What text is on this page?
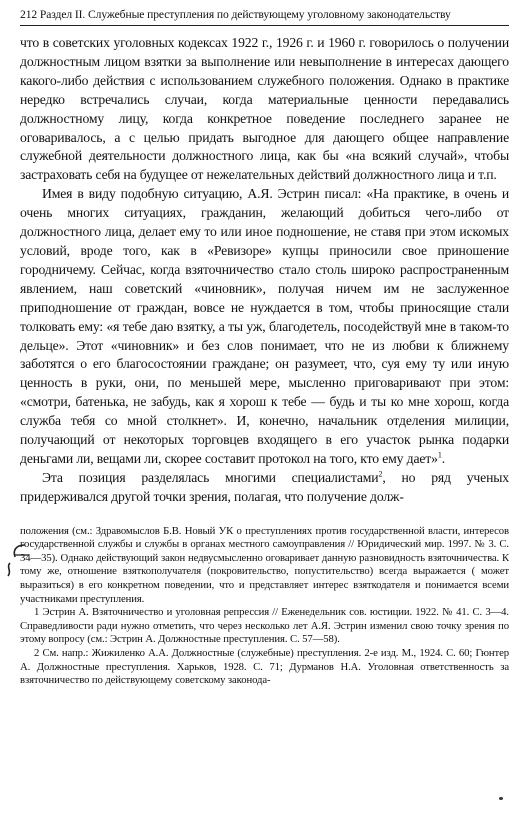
212 Раздел II. Служебные преступления по действующему уголовному законодательству

что в советских уголовных кодексах 1922 г., 1926 г. и 1960 г. говорилось о получении должностным лицом взятки за выполнение или невыполнение в интересах дающего какого-либо действия с использованием служебного положения. Однако в практике нередко встречались случаи, когда материальные ценности передавались должностному лицу, когда конкретное поведение последнего заранее не оговаривалось, а с целью придать выгодное для дающего общее направление служебной деятельности должностного лица, как бы «на всякий случай», чтобы застраховать себя на будущее от нежелательных действий должностного лица и т.п.

Имея в виду подобную ситуацию, А.Я. Эстрин писал: «На практике, в очень и очень многих ситуациях, гражданин, желающий добиться чего-либо от должностного лица, делает ему то или иное подношение, не ставя при этом искомых условий, вроде того, как в «Ревизоре» купцы приносили свое приношение городничему. Сейчас, когда взяточничество стало столь широко распространенным явлением, наш советский «чиновник», получая ничем им не заслуженное приподношение от граждан, вовсе не нуждается в том, чтобы приносящие стали толковать ему: «я тебе даю взятку, а ты уж, благодетель, посодействуй мне в таком-то дельце». Этот «чиновник» и без слов понимает, что не из любви к ближнему заботятся о его благосостоянии граждане; он разумеет, что, суя ему ту или иную ценность в руки, они, по меньшей мере, мысленно приговаривают при этом: «смотри, батенька, не забудь, как я хорош к тебе — будь и ты ко мне хорош, когда служба тебя со мной столкнет». И, конечно, начальник отделения милиции, получающий от некоторых торговцев входящего в его участок рынка подарки деньгами ли, вещами ли, скорее составит протокол на того, кто ему дает»$^1$.

Эта позиция разделялась многими специалистами$^2$, но ряд ученых придерживался другой точки зрения, полагая, что получение долж-

положения (см.: Здравомыслов Б.В. Новый УК о преступлениях против государственной власти, интересов государственной службы и службы в органах местного самоуправления // Юридический мир. 1997. № 3. С. 34—35). Однако действующий закон недвусмысленно оговаривает данную разновидность взяточничества. К тому же, отношение взяткополучателя (покровительство, попустительство) всегда выражается ( может выразиться) в его конкретном поведении, что и представляет интерес взяткодателя и понимается всеми участниками преступления.

1 Эстрин А. Взяточничество и уголовная репрессия // Еженедельник сов. юстиции. 1922. № 41. С. 3—4. Справедливости ради нужно отметить, что через несколько лет А.Я. Эстрин изменил свою точку зрения по этому вопросу (см.: Эстрин А. Должностные преступления. С. 57—58).

2 См. напр.: Жижиленко А.А. Должностные (служебные) преступления. 2-е изд. М., 1924. С. 60; Гюнтер А. Должностные преступления. Харьков, 1928. С. 71; Дурманов Н.А. Уголовная ответственность за взяточничество по действующему советскому законода-
